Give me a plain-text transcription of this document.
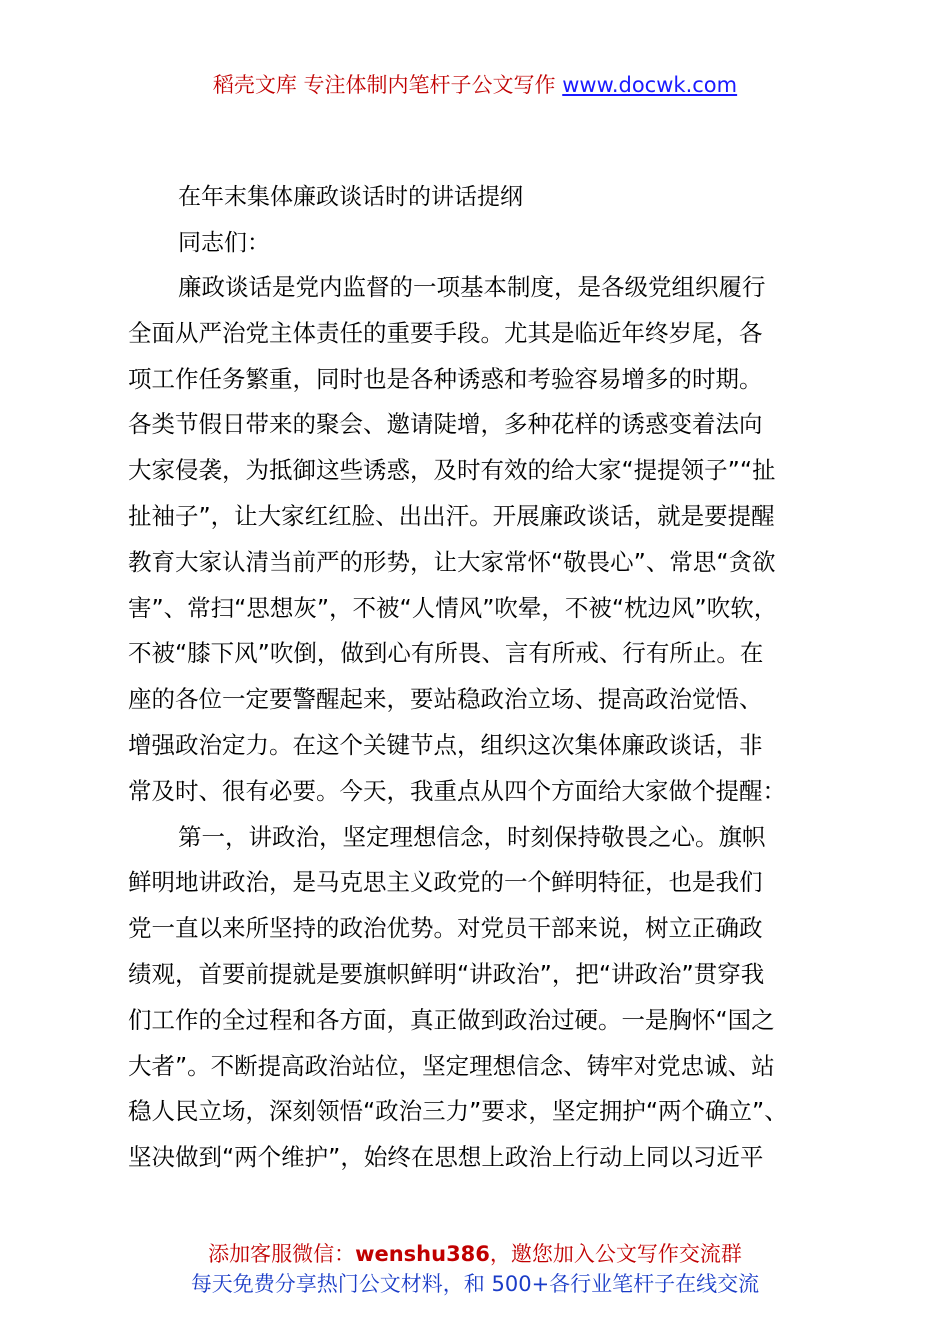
稻壳文库 专注体制内笔杆子公文写作 www.docwk.com
在年末集体廉政谈话时的讲话提纲
同志们：
廉政谈话是党内监督的一项基本制度，是各级党组织履行
全面从严治党主体责任的重要手段。尤其是临近年终岁尾，各
项工作任务繁重，同时也是各种诱惑和考验容易增多的时期。
各类节假日带来的聚会、邀请陡增，多种花样的诱惑变着法向
大家侵袭，为抵御这些诱惑，及时有效的给大家“提提领子”“扯
扯袖子”，让大家红红脸、出出汗。开展廉政谈话，就是要提醒
教育大家认清当前严的形势，让大家常怀“敬畏心”、常思“贪欲
害”、常扫“思想灰”，不被“人情风”吹晕，不被“枕边风”吹软，
不被“膝下风”吹倒，做到心有所畏、言有所戒、行有所止。在
座的各位一定要警醒起来，要站稳政治立场、提高政治觉悟、
增强政治定力。在这个关键节点，组织这次集体廉政谈话，非
常及时、很有必要。今天，我重点从四个方面给大家做个提醒：
第一，讲政治，坚定理想信念，时刻保持敬畏之心。旗帜
鲜明地讲政治，是马克思主义政党的一个鲜明特征，也是我们
党一直以来所坚持的政治优势。对党员干部来说，树立正确政
绩观，首要前提就是要旗帜鲜明“讲政治”，把“讲政治”贯穿我
们工作的全过程和各方面，真正做到政治过硬。一是胸怀“国之
大者”。不断提高政治站位，坚定理想信念、铸牢对党忠诚、站
稳人民立场，深刻领悟“政治三力”要求，坚定拥护“两个确立”、
坚决做到“两个维护”，始终在思想上政治上行动上同以习近平
添加客服微信：wenshu386，邀您加入公文写作交流群
每天免费分享热门公文材料，和 500+各行业笔杆子在线交流
